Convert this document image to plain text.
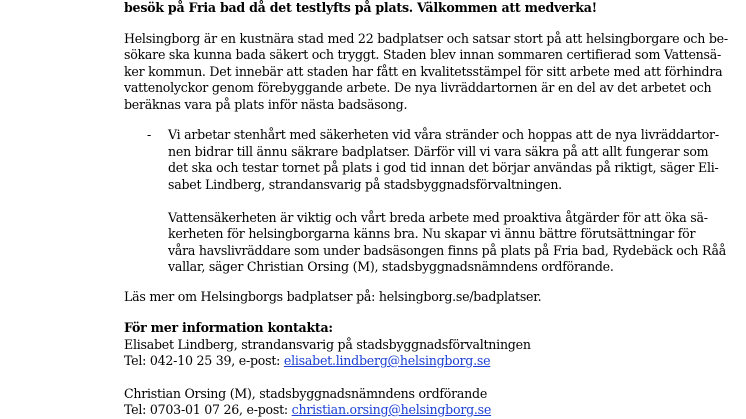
besök på Fria bad då det testlyfts på plats. Välkommen att medverka!
Helsingborg är en kustnära stad med 22 badplatser och satsar stort på att helsingborgare och be-
sökare ska kunna bada säkert och tryggt. Staden blev innan sommaren certifierad som Vattensä-
ker kommun. Det innebär att staden har fått en kvalitetsstämpel för sitt arbete med att förhindra
vattenolyckor genom förebyggande arbete. De nya livräddartornen är en del av det arbetet och
beräknas vara på plats inför nästa badsäsong.
- Vi arbetar stenhårt med säkerheten vid våra stränder och hoppas att de nya livräddartor-
nen bidrar till ännu säkrare badplatser. Därför vill vi vara säkra på att allt fungerar som
det ska och testar tornet på plats i god tid innan det börjar användas på riktigt, säger Eli-
sabet Lindberg, strandansvarig på stadsbyggnadsförvaltningen.
Vattensäkerheten är viktig och vårt breda arbete med proaktiva åtgärder för att öka sä-
kerheten för helsingborgarna känns bra. Nu skapar vi ännu bättre förutsättningar för
våra havslivräddare som under badsäsongen finns på plats på Fria bad, Rydebäck och Råå
vallar, säger Christian Orsing (M), stadsbyggnadsnämndens ordförande.
Läs mer om Helsingborgs badplatser på: helsingborg.se/badplatser.
För mer information kontakta:
Elisabet Lindberg, strandansvarig på stadsbyggnadsförvaltningen
Tel: 042-10 25 39, e-post: elisabet.lindberg@helsingborg.se
Christian Orsing (M), stadsbyggnadsnämndens ordförande
Tel: 0703-01 07 26, e-post: christian.orsing@helsingborg.se
